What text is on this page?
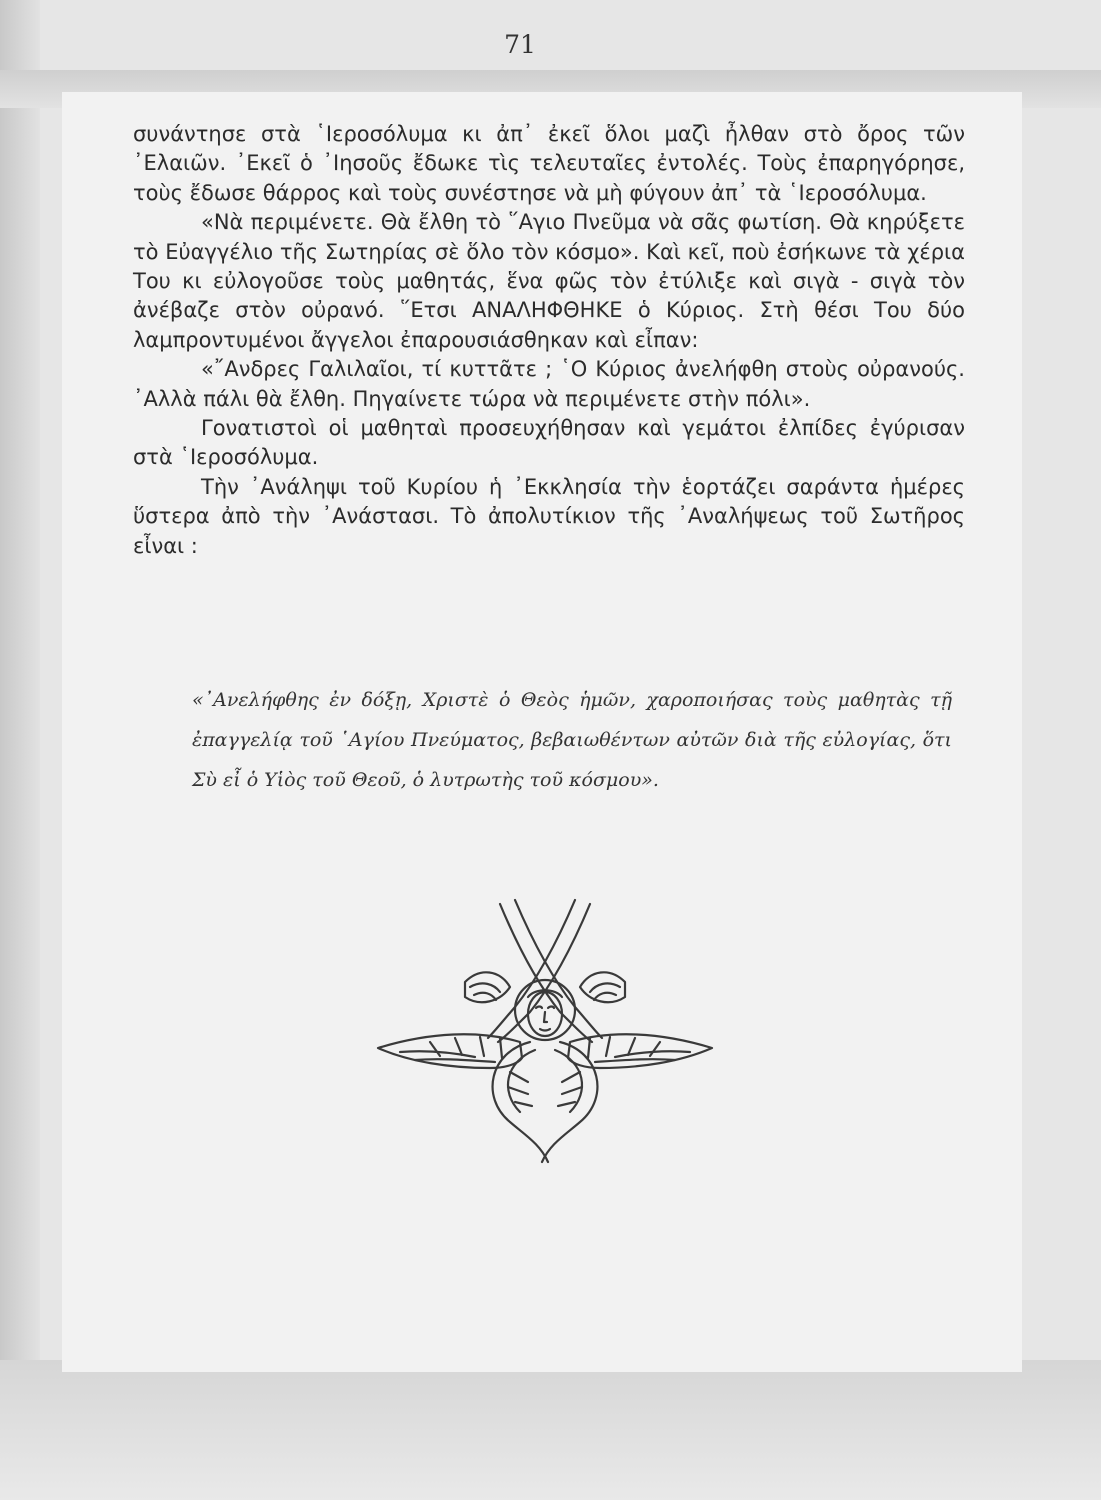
71

συνάντησε στὰ ῾Ιεροσόλυμα κι ἀπ᾽ ἐκεῖ ὅλοι μαζὶ ἦλθαν στὸ ὄρος τῶν ᾿Ελαιῶν. ᾿Εκεῖ ὁ ᾿Ιησοῦς ἔδωκε τὶς τελευταῖες ἐντολές. Τοὺς ἐπαρηγόρησε, τοὺς ἔδωσε θάρρος καὶ τοὺς συνέστησε νὰ μὴ φύγουν ἀπ᾽ τὰ ῾Ιεροσόλυμα.

«Νὰ περιμένετε. Θὰ ἔλθη τὸ ῞Αγιο Πνεῦμα νὰ σᾶς φωτίση. Θὰ κηρύξετε τὸ Εὐαγγέλιο τῆς Σωτηρίας σὲ ὅλο τὸν κόσμο». Καὶ κεῖ, ποὺ ἐσήκωνε τὰ χέρια Του κι εὐλογοῦσε τοὺς μαθητάς, ἕνα φῶς τὸν ἐτύλιξε καὶ σιγὰ - σιγὰ τὸν ἀνέβαζε στὸν οὐρανό. ῞Ετσι ΑΝΑΛΗΦΘΗΚΕ ὁ Κύριος. Στὴ θέσι Του δύο λαμπροντυμένοι ἄγγελοι ἐπαρουσιάσθηκαν καὶ εἶπαν:

«῎Ανδρες Γαλιλαῖοι, τί κυττᾶτε ; ῾Ο Κύριος ἀνελήφθη στοὺς οὐρανούς. ᾿Αλλὰ πάλι θὰ ἔλθη. Πηγαίνετε τώρα νὰ περιμένετε στὴν πόλι».

Γονατιστοὶ οἱ μαθηταὶ προσευχήθησαν καὶ γεμάτοι ἐλπίδες ἐγύρισαν στὰ ῾Ιεροσόλυμα.

Τὴν ᾿Ανάληψι τοῦ Κυρίου ἡ ᾿Εκκλησία τὴν ἑορτάζει σαράντα ἡμέρες ὕστερα ἀπὸ τὴν ᾿Ανάστασι. Τὸ ἀπολυτίκιον τῆς ᾿Αναλήψεως τοῦ Σωτῆρος εἶναι :

«᾿Ανελήφθης ἐν δόξῃ, Χριστὲ ὁ Θεὸς ἡμῶν, χαροποιήσας τοὺς μαθητὰς τῇ ἐπαγγελίᾳ τοῦ ῾Αγίου Πνεύματος, βεβαιωθέντων αὐτῶν διὰ τῆς εὐλογίας, ὅτι Σὺ εἶ ὁ Υἱὸς τοῦ Θεοῦ, ὁ λυτρωτὴς τοῦ κόσμου».
